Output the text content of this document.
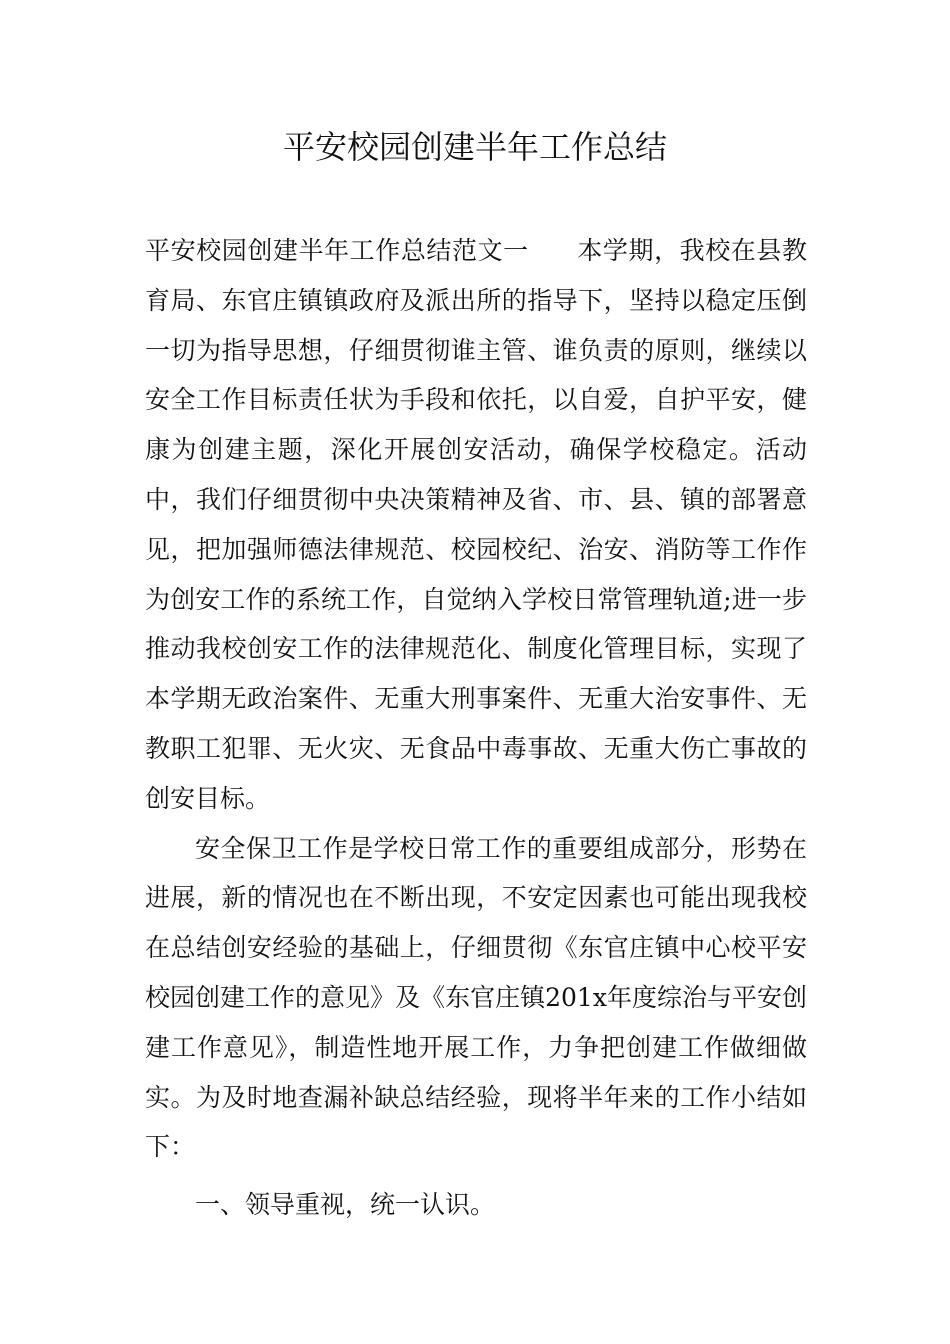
平安校园创建半年工作总结

平安校园创建半年工作总结范文一 本学期，我校在县教育局、东官庄镇镇政府及派出所的指导下，坚持以稳定压倒一切为指导思想，仔细贯彻谁主管、谁负责的原则，继续以安全工作目标责任状为手段和依托，以自爱，自护平安，健康为创建主题，深化开展创安活动，确保学校稳定。活动中，我们仔细贯彻中央决策精神及省、市、县、镇的部署意见，把加强师德法律规范、校园校纪、治安、消防等工作作为创安工作的系统工作，自觉纳入学校日常管理轨道;进一步推动我校创安工作的法律规范化、制度化管理目标，实现了本学期无政治案件、无重大刑事案件、无重大治安事件、无教职工犯罪、无火灾、无食品中毒事故、无重大伤亡事故的创安目标。

安全保卫工作是学校日常工作的重要组成部分，形势在进展，新的情况也在不断出现，不安定因素也可能出现我校在总结创安经验的基础上，仔细贯彻《东官庄镇中心校平安校园创建工作的意见》及《东官庄镇201x年度综治与平安创建工作意见》，制造性地开展工作，力争把创建工作做细做实。为及时地查漏补缺总结经验，现将半年来的工作小结如下：

一、领导重视，统一认识。
